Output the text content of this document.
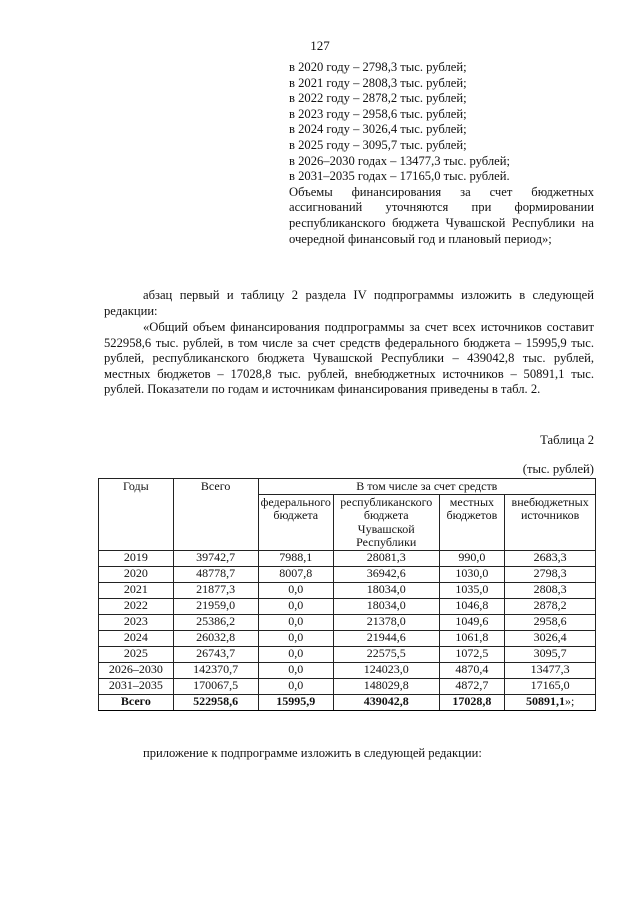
127
в 2020 году – 2798,3 тыс. рублей;
в 2021 году – 2808,3 тыс. рублей;
в 2022 году – 2878,2 тыс. рублей;
в 2023 году – 2958,6 тыс. рублей;
в 2024 году – 3026,4 тыс. рублей;
в 2025 году – 3095,7 тыс. рублей;
в 2026–2030 годах – 13477,3 тыс. рублей;
в 2031–2035 годах – 17165,0 тыс. рублей.
Объемы финансирования за счет бюджетных ассигнований уточняются при формировании республиканского бюджета Чувашской Республики на очередной финансовый год и плановый период»;
абзац первый и таблицу 2 раздела IV подпрограммы изложить в следующей редакции:
«Общий объем финансирования подпрограммы за счет всех источников составит 522958,6 тыс. рублей, в том числе за счет средств федерального бюджета – 15995,9 тыс. рублей, республиканского бюджета Чувашской Республики – 439042,8 тыс. рублей, местных бюджетов – 17028,8 тыс. рублей, внебюджетных источников – 50891,1 тыс. рублей. Показатели по годам и источникам финансирования приведены в табл. 2.
Таблица 2
(тыс. рублей)
Годы	Всего	В том числе за счет средств			
		федерального бюджета	республиканского бюджета Чувашской Республики	местных бюджетов	внебюджетных источников
2019	39742,7	7988,1	28081,3	990,0	2683,3
2020	48778,7	8007,8	36942,6	1030,0	2798,3
2021	21877,3	0,0	18034,0	1035,0	2808,3
2022	21959,0	0,0	18034,0	1046,8	2878,2
2023	25386,2	0,0	21378,0	1049,6	2958,6
2024	26032,8	0,0	21944,6	1061,8	3026,4
2025	26743,7	0,0	22575,5	1072,5	3095,7
2026–2030	142370,7	0,0	124023,0	4870,4	13477,3
2031–2035	170067,5	0,0	148029,8	4872,7	17165,0
Всего	522958,6	15995,9	439042,8	17028,8	50891,1»;
приложение к подпрограмме изложить в следующей редакции:
